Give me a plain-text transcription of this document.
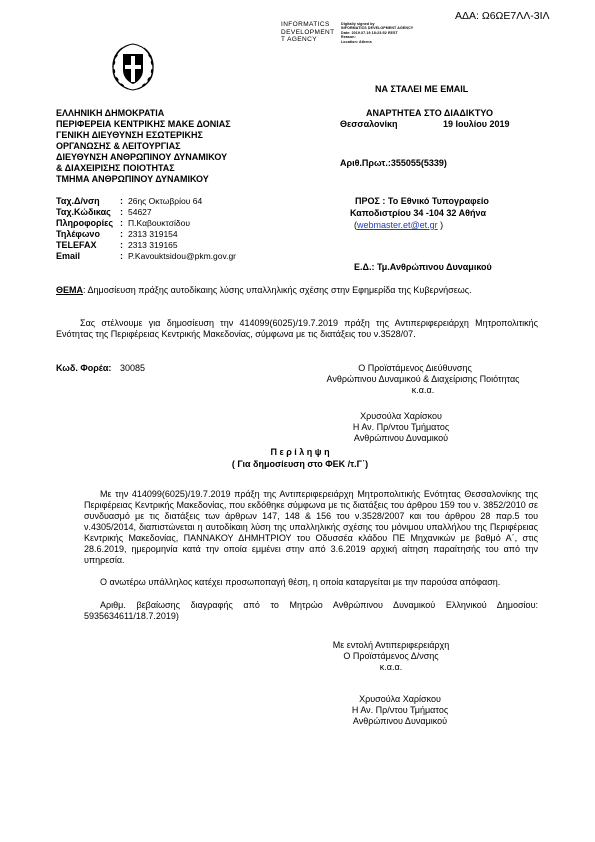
ΑΔΑ: Ω6ΩΕ7ΛΛ-3ΙΛ
INFORMATICS
DEVELOPMENT
T AGENCY
Digitally signed by
INFORMATICS DEVELOPMENT AGENCY
Date: 2019.07.19 18:23:52 EEST
Reason:
Location: Athens
ΝΑ ΣΤΑΛΕΙ ΜΕ EMAIL
ΕΛΛΗΝΙΚΗ ΔΗΜΟΚΡΑΤΙΑ
ΠΕΡΙΦΕΡΕΙΑ ΚΕΝΤΡΙΚΗΣ ΜΑΚΕ ΔΟΝΙΑΣ
ΓΕΝΙΚΗ ΔΙΕΥΘΥΝΣΗ ΕΣΩΤΕΡΙΚΗΣ
ΟΡΓΑΝΩΣΗΣ & ΛΕΙΤΟΥΡΓΙΑΣ
ΔΙΕΥΘΥΝΣΗ ΑΝΘΡΩΠΙΝΟΥ ΔΥΝΑΜΙΚΟΥ
& ΔΙΑΧΕΙΡΙΣΗΣ ΠΟΙΟΤΗΤΑΣ
ΤΜΗΜΑ ΑΝΘΡΩΠΙΝΟΥ ΔΥΝΑΜΙΚΟΥ
ΑΝΑΡΤΗΤΕΑ ΣΤΟ ΔΙΑΔΙΚΤΥΟ
Θεσσαλονίκη	19 Ιουλίου 2019
Αριθ.Πρωτ.:355055(5339)
Ταχ.Δ/νση	: 26ης Οκτωβρίου 64
Ταχ.Κώδικας	: 54627
Πληροφορίες : Π.Καβουκτσίδου
Τηλέφωνο	: 2313 319154
TELEFAX	: 2313 319165
Email	: P.Kavouktsidou@pkm.gov.gr
ΠΡΟΣ : Το Εθνικό Τυπογραφείο
Καποδιστρίου 34 -104 32 Αθήνα
(webmaster.et@et.gr )
Ε.Δ.: Τμ.Ανθρώπινου Δυναμικού
ΘΕΜΑ: Δημοσίευση πράξης αυτοδίκαιης λύσης υπαλληλικής σχέσης στην Εφημερίδα της Κυβερνήσεως.
Σας στέλνουμε για δημοσίευση την 414099(6025)/19.7.2019 πράξη της Αντιπεριφερειάρχη Μητροπολιτικής Ενότητας της Περιφέρειας Κεντρικής Μακεδονίας, σύμφωνα με τις διατάξεις του ν.3528/07.
Κωδ. Φορέα: 30085	Ο Προϊστάμενος Διεύθυνσης
Ανθρώπινου Δυναμικού & Διαχείρισης Ποιότητας
κ.α.α.
Χρυσούλα Χαρίσκου
Η Αν. Πρ/ντου Τμήματος
Ανθρώπινου Δυναμικού
Π ε ρ ί λ η ψ η
( Για δημοσίευση στο ΦΕΚ /τ.Γ΄)
Με την 414099(6025)/19.7.2019 πράξη της Αντιπεριφερειάρχη Μητροπολιτικής Ενότητας Θεσσαλονίκης της Περιφέρειας Κεντρικής Μακεδονίας, που εκδόθηκε σύμφωνα με τις διατάξεις του άρθρου 159 του ν. 3852/2010 σε συνδυασμό με τις διατάξεις των άρθρων 147, 148 & 156 του ν.3528/2007 και του άρθρου 28 παρ.5 του ν.4305/2014, διαπιστώνεται η αυτοδίκαιη λύση της υπαλληλικής σχέσης του μόνιμου υπαλλήλου της Περιφέρειας Κεντρικής Μακεδονίας, ΠΑΝΝΑΚΟΥ ΔΗΜΗΤΡΙΟΥ του Οδυσσέα κλάδου ΠΕ Μηχανικών με βαθμό Α΄, στις 28.6.2019, ημερομηνία κατά την οποία εμμένει στην από 3.6.2019 αρχική αίτηση παραίτησής του από την υπηρεσία.
Ο ανωτέρω υπάλληλος κατέχει προσωποπαγή θέση, η οποία καταργείται με την παρούσα απόφαση.
Αριθμ. βεβαίωσης διαγραφής από το Μητρώο Ανθρώπινου Δυναμικού Ελληνικού Δημοσίου: 5935634611/18.7.2019)
Με εντολή Αντιπεριφερειάρχη
Ο Προϊστάμενος Δ/νσης
κ.α.α.
Χρυσούλα Χαρίσκου
Η Αν. Πρ/ντου Τμήματος
Ανθρώπινου Δυναμικού
